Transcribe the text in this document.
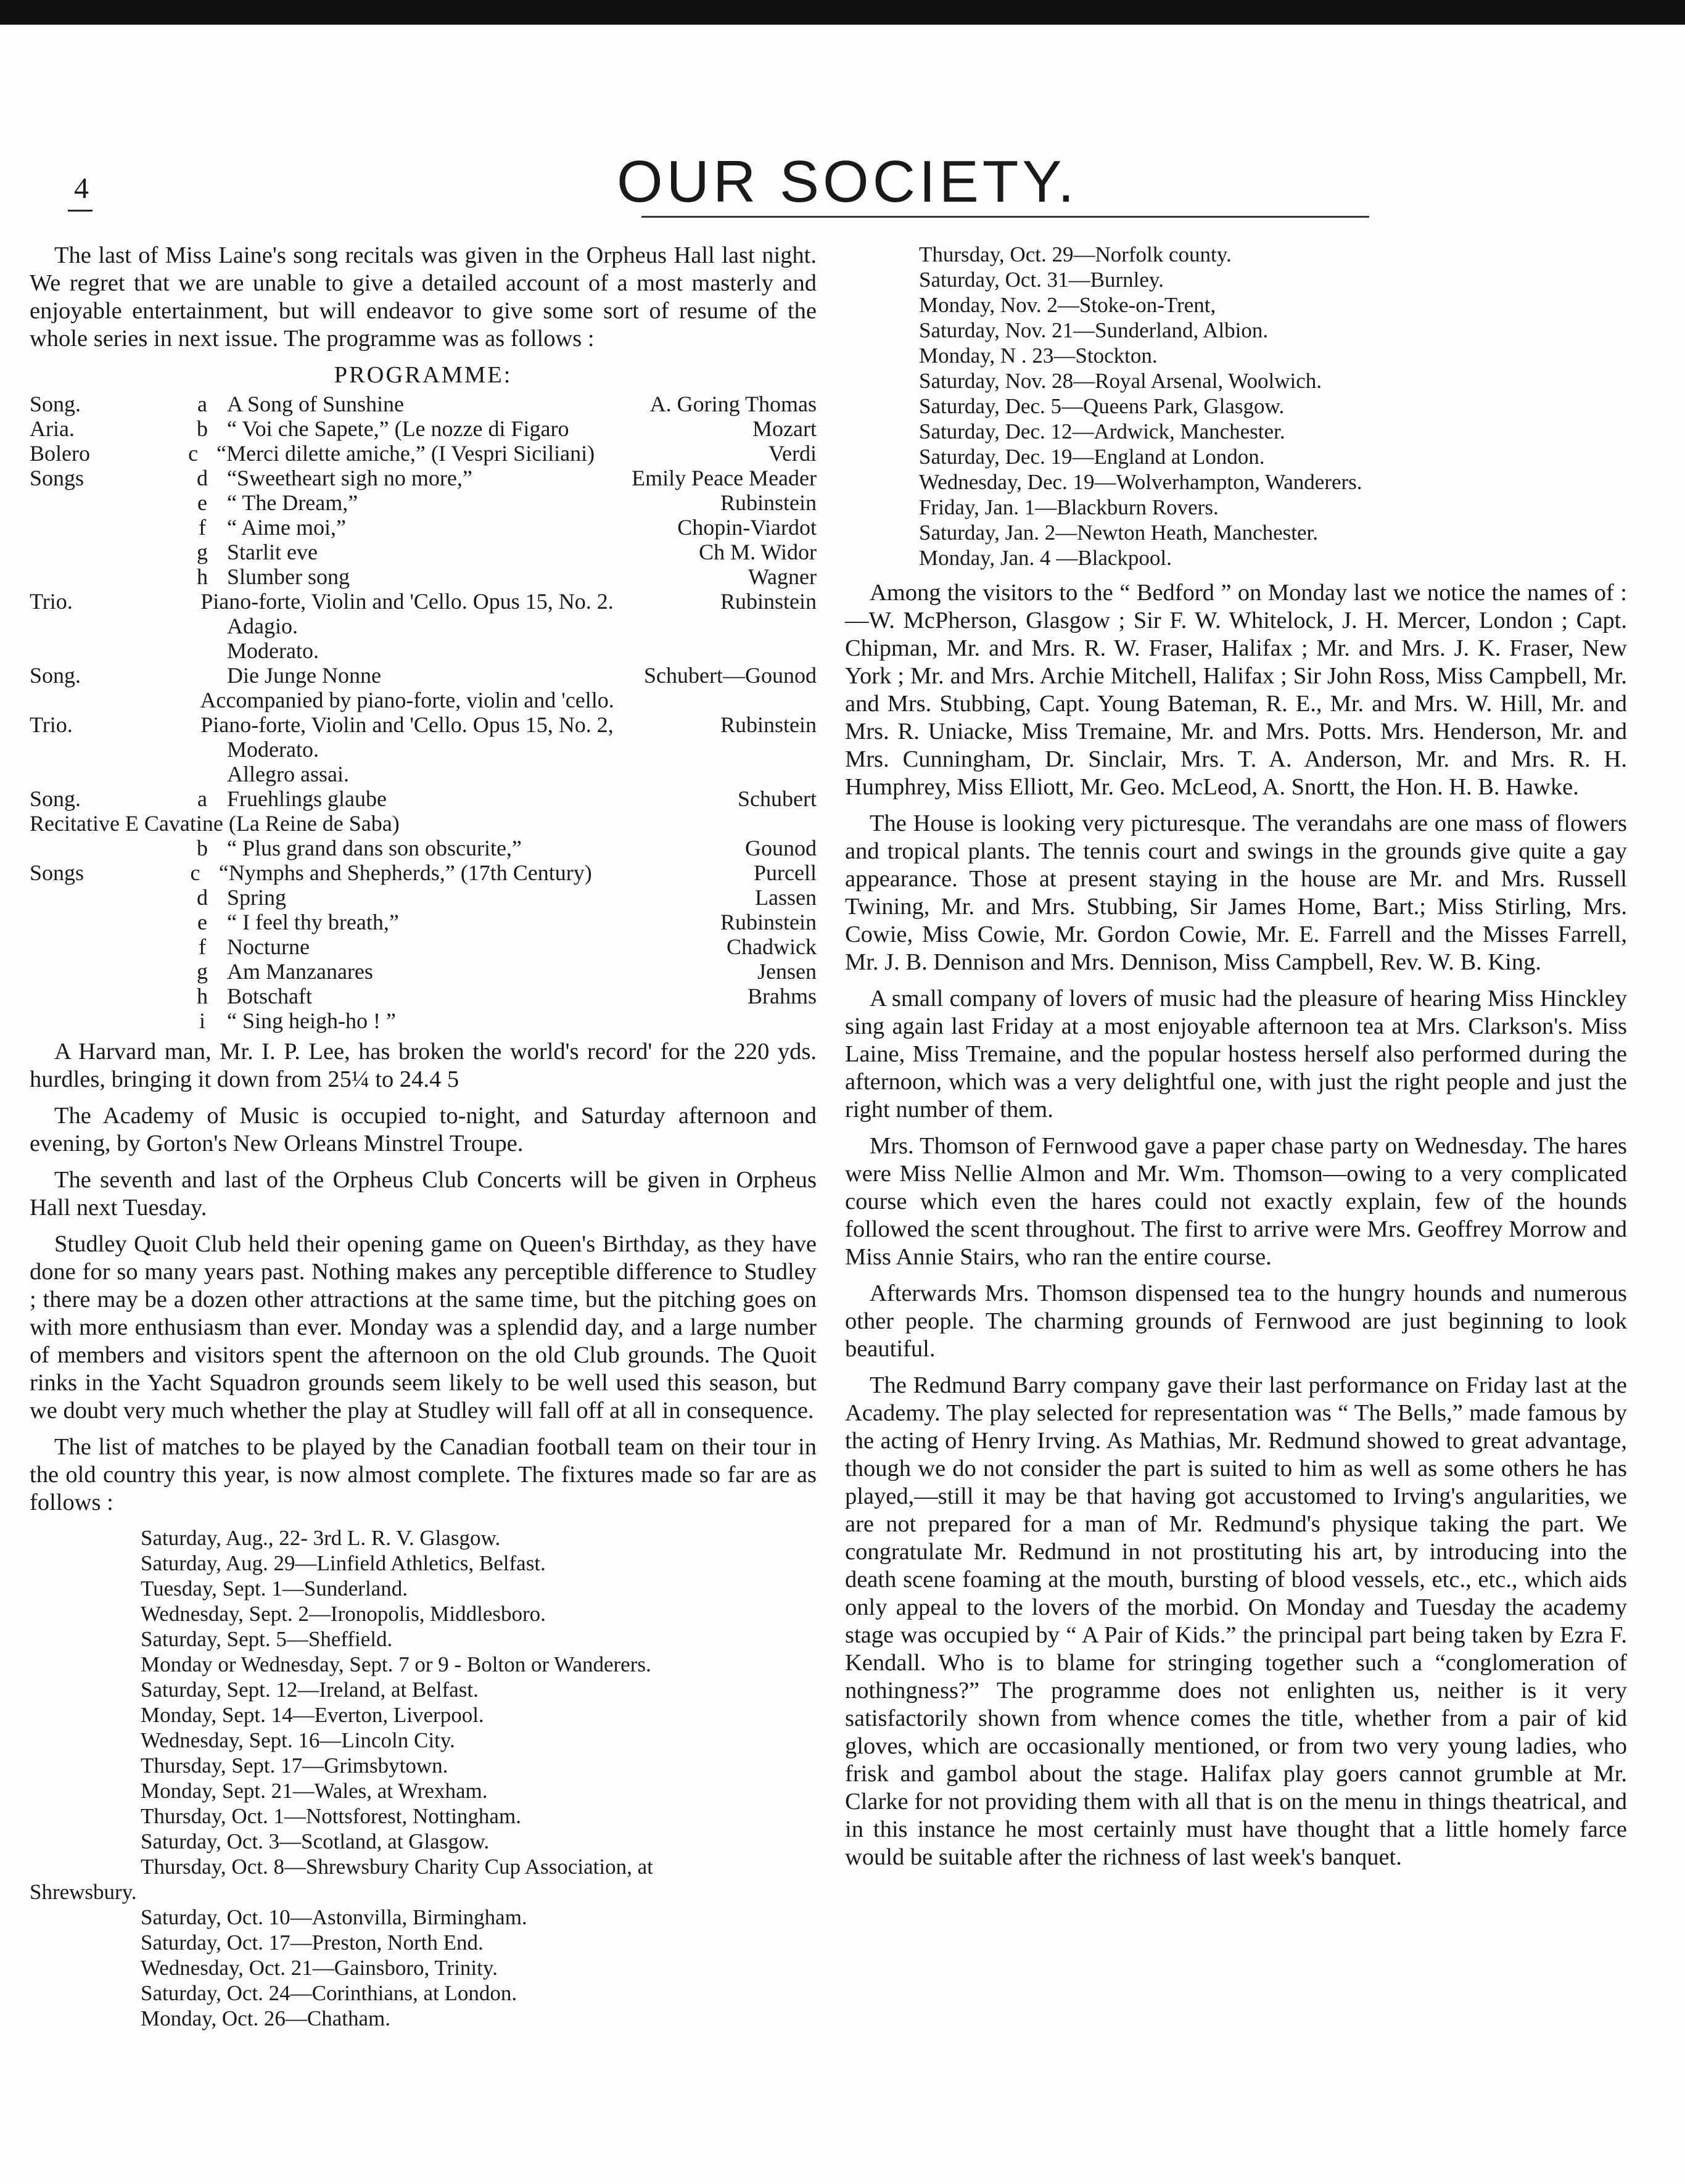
4	OUR SOCIETY.

The last of Miss Laine's song recitals was given in the Orpheus Hall last night. We regret that we are unable to give a detailed account of a most masterly and enjoyable entertainment, but will endeavor to give some sort of resume of the whole series in next issue. The programme was as follows :

PROGRAMME:
Song.	a A Song of Sunshine	A. Goring Thomas
Aria.	b “ Voi che Sapete,” (Le nozze di Figaro	Mozart
Bolero	c “Merci dilette amiche,” (I Vespri Siciliani)	Verdi
Songs	d “Sweetheart sigh no more,”	Emily Peace Meader
e “ The Dream,”	Rubinstein
f “ Aime moi,”	Chopin-Viardot
g Starlit eve	Ch M. Widor
h Slumber song	Wagner
Trio.	Piano-forte, Violin and 'Cello. Opus 15, No. 2.	Rubinstein
Adagio.
Moderato.
Song.	Die Junge Nonne	Schubert—Gounod
Accompanied by piano-forte, violin and 'cello.
Trio.	Piano-forte, Violin and 'Cello. Opus 15, No. 2,	Rubinstein
Moderato.
Allegro assai.
Song.	a Fruehlings glaube	Schubert
Recitative E Cavatine (La Reine de Saba)
b “ Plus grand dans son obscurite,”	Gounod
Songs	c “Nymphs and Shepherds,” (17th Century)	Purcell
d Spring	Lassen
e “ I feel thy breath,”	Rubinstein
f Nocturne	Chadwick
g Am Manzanares	Jensen
h Botschaft	Brahms
i “ Sing heigh-ho ! ”

A Harvard man, Mr. I. P. Lee, has broken the world's record' for the 220 yds. hurdles, bringing it down from 25¼ to 24.4 5

The Academy of Music is occupied to-night, and Saturday afternoon and evening, by Gorton's New Orleans Minstrel Troupe.

The seventh and last of the Orpheus Club Concerts will be given in Orpheus Hall next Tuesday.

Studley Quoit Club held their opening game on Queen's Birthday, as they have done for so many years past. Nothing makes any perceptible difference to Studley ; there may be a dozen other attractions at the same time, but the pitching goes on with more enthusiasm than ever. Monday was a splendid day, and a large number of members and visitors spent the afternoon on the old Club grounds. The Quoit rinks in the Yacht Squadron grounds seem likely to be well used this season, but we doubt very much whether the play at Studley will fall off at all in consequence.

The list of matches to be played by the Canadian football team on their tour in the old country this year, is now almost complete. The fixtures made so far are as follows :

Saturday, Aug., 22- 3rd L. R. V. Glasgow.
Saturday, Aug. 29—Linfield Athletics, Belfast.
Tuesday, Sept. 1—Sunderland.
Wednesday, Sept. 2—Ironopolis, Middlesboro.
Saturday, Sept. 5—Sheffield.
Monday or Wednesday, Sept. 7 or 9 - Bolton or Wanderers.
Saturday, Sept. 12—Ireland, at Belfast.
Monday, Sept. 14—Everton, Liverpool.
Wednesday, Sept. 16—Lincoln City.
Thursday, Sept. 17—Grimsbytown.
Monday, Sept. 21—Wales, at Wrexham.
Thursday, Oct. 1—Nottsforest, Nottingham.
Saturday, Oct. 3—Scotland, at Glasgow.
Thursday, Oct. 8—Shrewsbury Charity Cup Association, at
Shrewsbury.
Saturday, Oct. 10—Astonvilla, Birmingham.
Saturday, Oct. 17—Preston, North End.
Wednesday, Oct. 21—Gainsboro, Trinity.
Saturday, Oct. 24—Corinthians, at London.
Monday, Oct. 26—Chatham.
Thursday, Oct. 29—Norfolk county.
Saturday, Oct. 31—Burnley.
Monday, Nov. 2—Stoke-on-Trent,
Saturday, Nov. 21—Sunderland, Albion.
Monday, N . 23—Stockton.
Saturday, Nov. 28—Royal Arsenal, Woolwich.
Saturday, Dec. 5—Queens Park, Glasgow.
Saturday, Dec. 12—Ardwick, Manchester.
Saturday, Dec. 19—England at London.
Wednesday, Dec. 19—Wolverhampton, Wanderers.
Friday, Jan. 1—Blackburn Rovers.
Saturday, Jan. 2—Newton Heath, Manchester.
Monday, Jan. 4 —Blackpool.

Among the visitors to the “ Bedford ” on Monday last we notice the names of :—W. McPherson, Glasgow ; Sir F. W. Whitelock, J. H. Mercer, London ; Capt. Chipman, Mr. and Mrs. R. W. Fraser, Halifax ; Mr. and Mrs. J. K. Fraser, New York ; Mr. and Mrs. Archie Mitchell, Halifax ; Sir John Ross, Miss Campbell, Mr. and Mrs. Stubbing, Capt. Young Bateman, R. E., Mr. and Mrs. W. Hill, Mr. and Mrs. R. Uniacke, Miss Tremaine, Mr. and Mrs. Potts. Mrs. Henderson, Mr. and Mrs. Cunningham, Dr. Sinclair, Mrs. T. A. Anderson, Mr. and Mrs. R. H. Humphrey, Miss Elliott, Mr. Geo. McLeod, A. Snortt, the Hon. H. B. Hawke.

The House is looking very picturesque. The verandahs are one mass of flowers and tropical plants. The tennis court and swings in the grounds give quite a gay appearance. Those at present staying in the house are Mr. and Mrs. Russell Twining, Mr. and Mrs. Stubbing, Sir James Home, Bart.; Miss Stirling, Mrs. Cowie, Miss Cowie, Mr. Gordon Cowie, Mr. E. Farrell and the Misses Farrell, Mr. J. B. Dennison and Mrs. Dennison, Miss Campbell, Rev. W. B. King.

A small company of lovers of music had the pleasure of hearing Miss Hinckley sing again last Friday at a most enjoyable afternoon tea at Mrs. Clarkson's. Miss Laine, Miss Tremaine, and the popular hostess herself also performed during the afternoon, which was a very delightful one, with just the right people and just the right number of them.

Mrs. Thomson of Fernwood gave a paper chase party on Wednesday. The hares were Miss Nellie Almon and Mr. Wm. Thomson—owing to a very complicated course which even the hares could not exactly explain, few of the hounds followed the scent throughout. The first to arrive were Mrs. Geoffrey Morrow and Miss Annie Stairs, who ran the entire course.

Afterwards Mrs. Thomson dispensed tea to the hungry hounds and numerous other people. The charming grounds of Fernwood are just beginning to look beautiful.

The Redmund Barry company gave their last performance on Friday last at the Academy. The play selected for representation was “ The Bells,” made famous by the acting of Henry Irving. As Mathias, Mr. Redmund showed to great advantage, though we do not consider the part is suited to him as well as some others he has played,—still it may be that having got accustomed to Irving's angularities, we are not prepared for a man of Mr. Redmund's physique taking the part. We congratulate Mr. Redmund in not prostituting his art, by introducing into the death scene foaming at the mouth, bursting of blood vessels, etc., etc., which aids only appeal to the lovers of the morbid. On Monday and Tuesday the academy stage was occupied by “ A Pair of Kids.” the principal part being taken by Ezra F. Kendall. Who is to blame for stringing together such a “conglomeration of nothingness?” The programme does not enlighten us, neither is it very satisfactorily shown from whence comes the title, whether from a pair of kid gloves, which are occasionally mentioned, or from two very young ladies, who frisk and gambol about the stage. Halifax play goers cannot grumble at Mr. Clarke for not providing them with all that is on the menu in things theatrical, and in this instance he most certainly must have thought that a little homely farce would be suitable after the richness of last week's banquet.
